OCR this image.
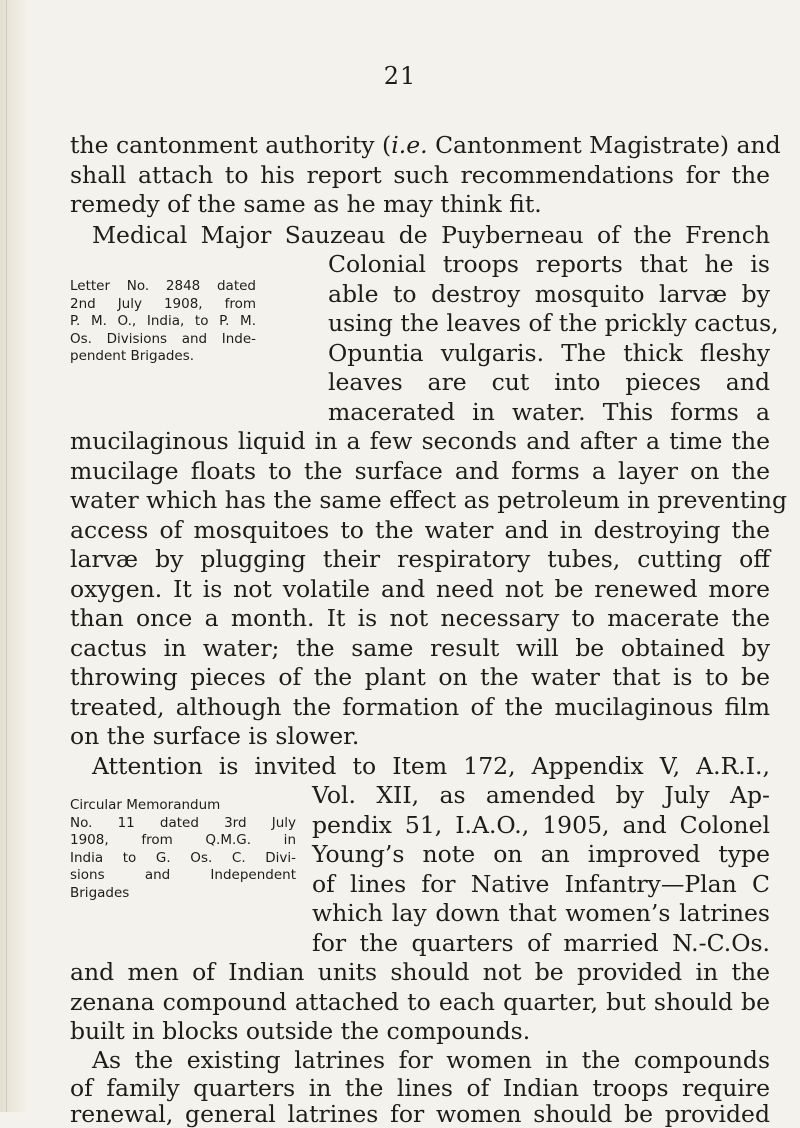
21
the cantonment authority (i.e. Cantonment Magistrate) and
shall attach to his report such recommendations for the
remedy of the same as he may think fit.
Medical Major Sauzeau de Puyberneau of the French
Letter No. 2848 dated
2nd July 1908, from
P. M. O., India, to P. M.
Os. Divisions and Inde-
pendent Brigades.
Colonial troops reports that he is
able to destroy mosquito larvæ by
using the leaves of the prickly cactus,
Opuntia vulgaris. The thick fleshy
leaves are cut into pieces and
macerated in water. This forms a
mucilaginous liquid in a few seconds and after a time the
mucilage floats to the surface and forms a layer on the
water which has the same effect as petroleum in preventing
access of mosquitoes to the water and in destroying the
larvæ by plugging their respiratory tubes, cutting off
oxygen. It is not volatile and need not be renewed more
than once a month. It is not necessary to macerate the
cactus in water; the same result will be obtained by
throwing pieces of the plant on the water that is to be
treated, although the formation of the mucilaginous film
on the surface is slower.
Attention is invited to Item 172, Appendix V, A.R.I.,
Circular Memorandum
No. 11 dated 3rd July
1908, from Q.M.G. in
India to G. Os. C. Divi-
sions and Independent
Brigades
Vol. XII, as amended by July Ap-
pendix 51, I.A.O., 1905, and Colonel
Young’s note on an improved type
of lines for Native Infantry—Plan C
which lay down that women’s latrines
for the quarters of married N.-C.Os.
and men of Indian units should not be provided in the
zenana compound attached to each quarter, but should be
built in blocks outside the compounds.
As the existing latrines for women in the compounds
of family quarters in the lines of Indian troops require
renewal, general latrines for women should be provided
